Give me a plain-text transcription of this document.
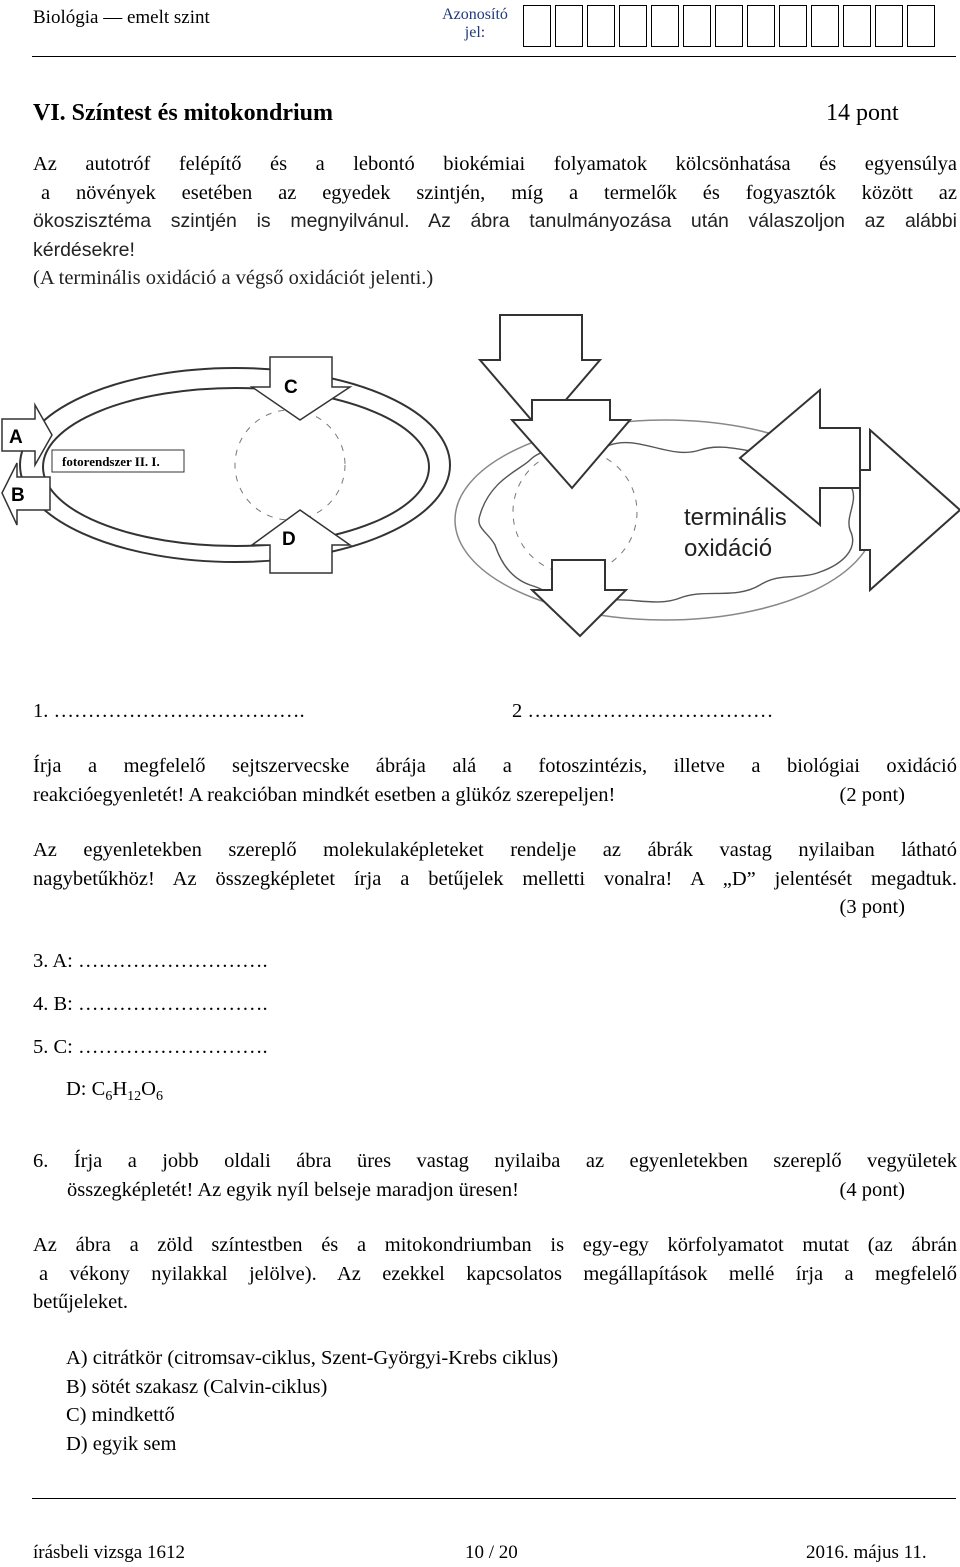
Biológia — emelt szint	Azonosító
jel:
VI. Színtest és mitokondrium	14 pont
Az autotróf felépítő és a lebontó biokémiai folyamatok kölcsönhatása és egyensúlya
a növények esetében az egyedek szintjén, míg a termelők és fogyasztók között az
ökoszisztéma szintjén is megnyilvánul. Az ábra tanulmányozása után válaszoljon az alábbi
kérdésekre!
(A terminális oxidáció a végső oxidációt jelenti.)
fotorendszer II. I.
A
B
C
D
terminális
oxidáció
1. ……………………………….	2 ………………………………
Írja a megfelelő sejtszervecske ábrája alá a fotoszintézis, illetve a biológiai oxidáció
reakcióegyenletét! A reakcióban mindkét esetben a glükóz szerepeljen!	(2 pont)
Az egyenletekben szereplő molekulaképleteket rendelje az ábrák vastag nyilaiban látható
nagybetűkhöz! Az összegképletet írja a betűjelek melletti vonalra! A „D” jelentését megadtuk.
(3 pont)
3. A: ……………………….
4. B: ……………………….
5. C: ……………………….
D: $C_6H_{12}O_6$
6. Írja a jobb oldali ábra üres vastag nyilaiba az egyenletekben szereplő vegyületek
összegképletét! Az egyik nyíl belseje maradjon üresen!	(4 pont)
Az ábra a zöld színtestben és a mitokondriumban is egy-egy körfolyamatot mutat (az ábrán
a vékony nyilakkal jelölve). Az ezekkel kapcsolatos megállapítások mellé írja a megfelelő
betűjeleket.
A) citrátkör (citromsav-ciklus, Szent-Györgyi-Krebs ciklus)
B) sötét szakasz (Calvin-ciklus)
C) mindkettő
D) egyik sem
írásbeli vizsga 1612	10 / 20	2016. május 11.
